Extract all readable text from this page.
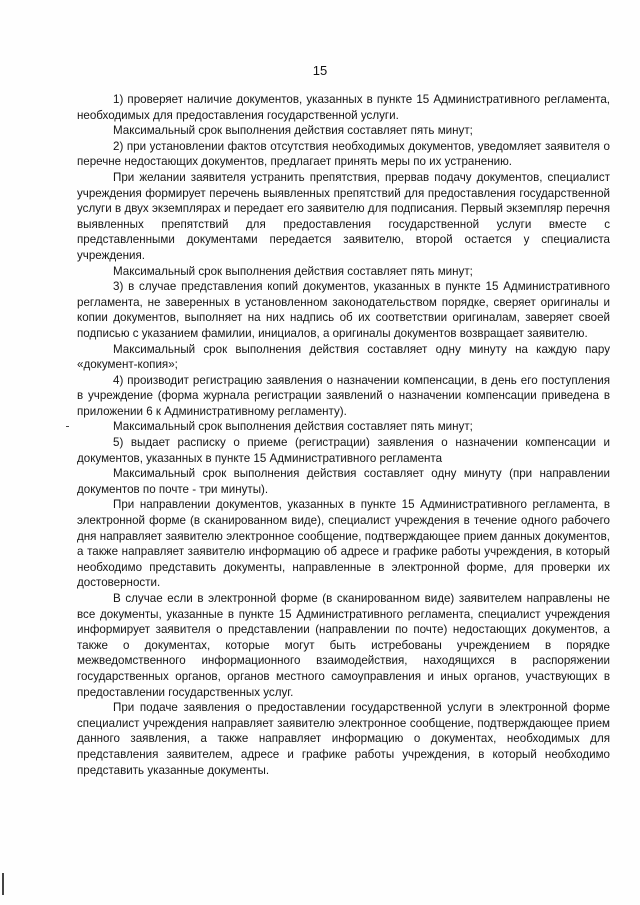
15

1) проверяет наличие документов, указанных в пункте 15 Административного регламента, необходимых для предоставления государственной услуги.

Максимальный срок выполнения действия составляет пять минут;

2) при установлении фактов отсутствия необходимых документов, уведомляет заявителя о перечне недостающих документов, предлагает принять меры по их устранению.

При желании заявителя устранить препятствия, прервав подачу документов, специалист учреждения формирует перечень выявленных препятствий для предоставления государственной услуги в двух экземплярах и передает его заявителю для подписания. Первый экземпляр перечня выявленных препятствий для предоставления государственной услуги вместе с представленными документами передается заявителю, второй остается у специалиста учреждения.

Максимальный срок выполнения действия составляет пять минут;

3) в случае представления копий документов, указанных в пункте 15 Административного регламента, не заверенных в установленном законодательством порядке, сверяет оригиналы и копии документов, выполняет на них надпись об их соответствии оригиналам, заверяет своей подписью с указанием фамилии, инициалов, а оригиналы документов возвращает заявителю.

Максимальный срок выполнения действия составляет одну минуту на каждую пару «документ-копия»;

4) производит регистрацию заявления о назначении компенсации, в день его поступления в учреждение (форма журнала регистрации заявлений о назначении компенсации приведена в приложении 6 к Административному регламенту).

Максимальный срок выполнения действия составляет пять минут;

5) выдает расписку о приеме (регистрации) заявления о назначении компенсации и документов, указанных в пункте 15 Административного регламента

Максимальный срок выполнения действия составляет одну минуту (при направлении документов по почте - три минуты).

При направлении документов, указанных в пункте 15 Административного регламента, в электронной форме (в сканированном виде), специалист учреждения в течение одного рабочего дня направляет заявителю электронное сообщение, подтверждающее прием данных документов, а также направляет заявителю информацию об адресе и графике работы учреждения, в который необходимо представить документы, направленные в электронной форме, для проверки их достоверности.

В случае если в электронной форме (в сканированном виде) заявителем направлены не все документы, указанные в пункте 15 Административного регламента, специалист учреждения информирует заявителя о представлении (направлении по почте) недостающих документов, а также о документах, которые могут быть истребованы учреждением в порядке межведомственного информационного взаимодействия, находящихся в распоряжении государственных органов, органов местного самоуправления и иных органов, участвующих в предоставлении государственных услуг.

При подаче заявления о предоставлении государственной услуги в электронной форме специалист учреждения направляет заявителю электронное сообщение, подтверждающее прием данного заявления, а также направляет информацию о документах, необходимых для представления заявителем, адресе и графике работы учреждения, в который необходимо представить указанные документы.
